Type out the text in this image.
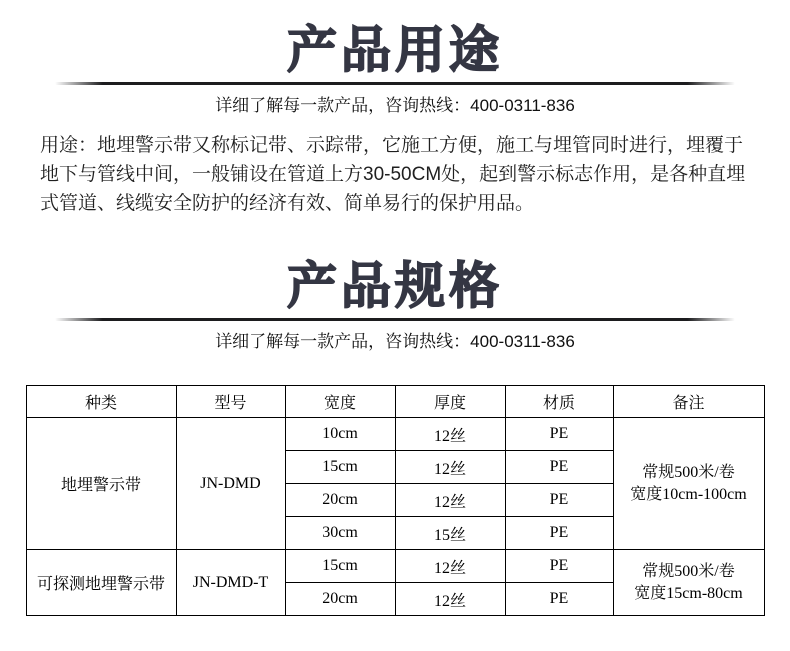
产品用途

详细了解每一款产品，咨询热线：400-0311-836

用途：地埋警示带又称标记带、示踪带，它施工方便，施工与埋管同时进行，埋覆于地下与管线中间，一般铺设在管道上方30-50CM处，起到警示标志作用，是各种直埋式管道、线缆安全防护的经济有效、简单易行的保护用品。

产品规格

详细了解每一款产品，咨询热线：400-0311-836

种类	型号	宽度	厚度	材质	备注
地埋警示带	JN-DMD	10cm	12丝	PE	常规500米/卷
宽度10cm-100cm

		15cm	12丝	PE	
		20cm	12丝	PE	
		30cm	15丝	PE	
可探测地埋警示带	JN-DMD-T	15cm	12丝	PE	常规500米/卷
宽度15cm-80cm

		20cm	12丝	PE	
